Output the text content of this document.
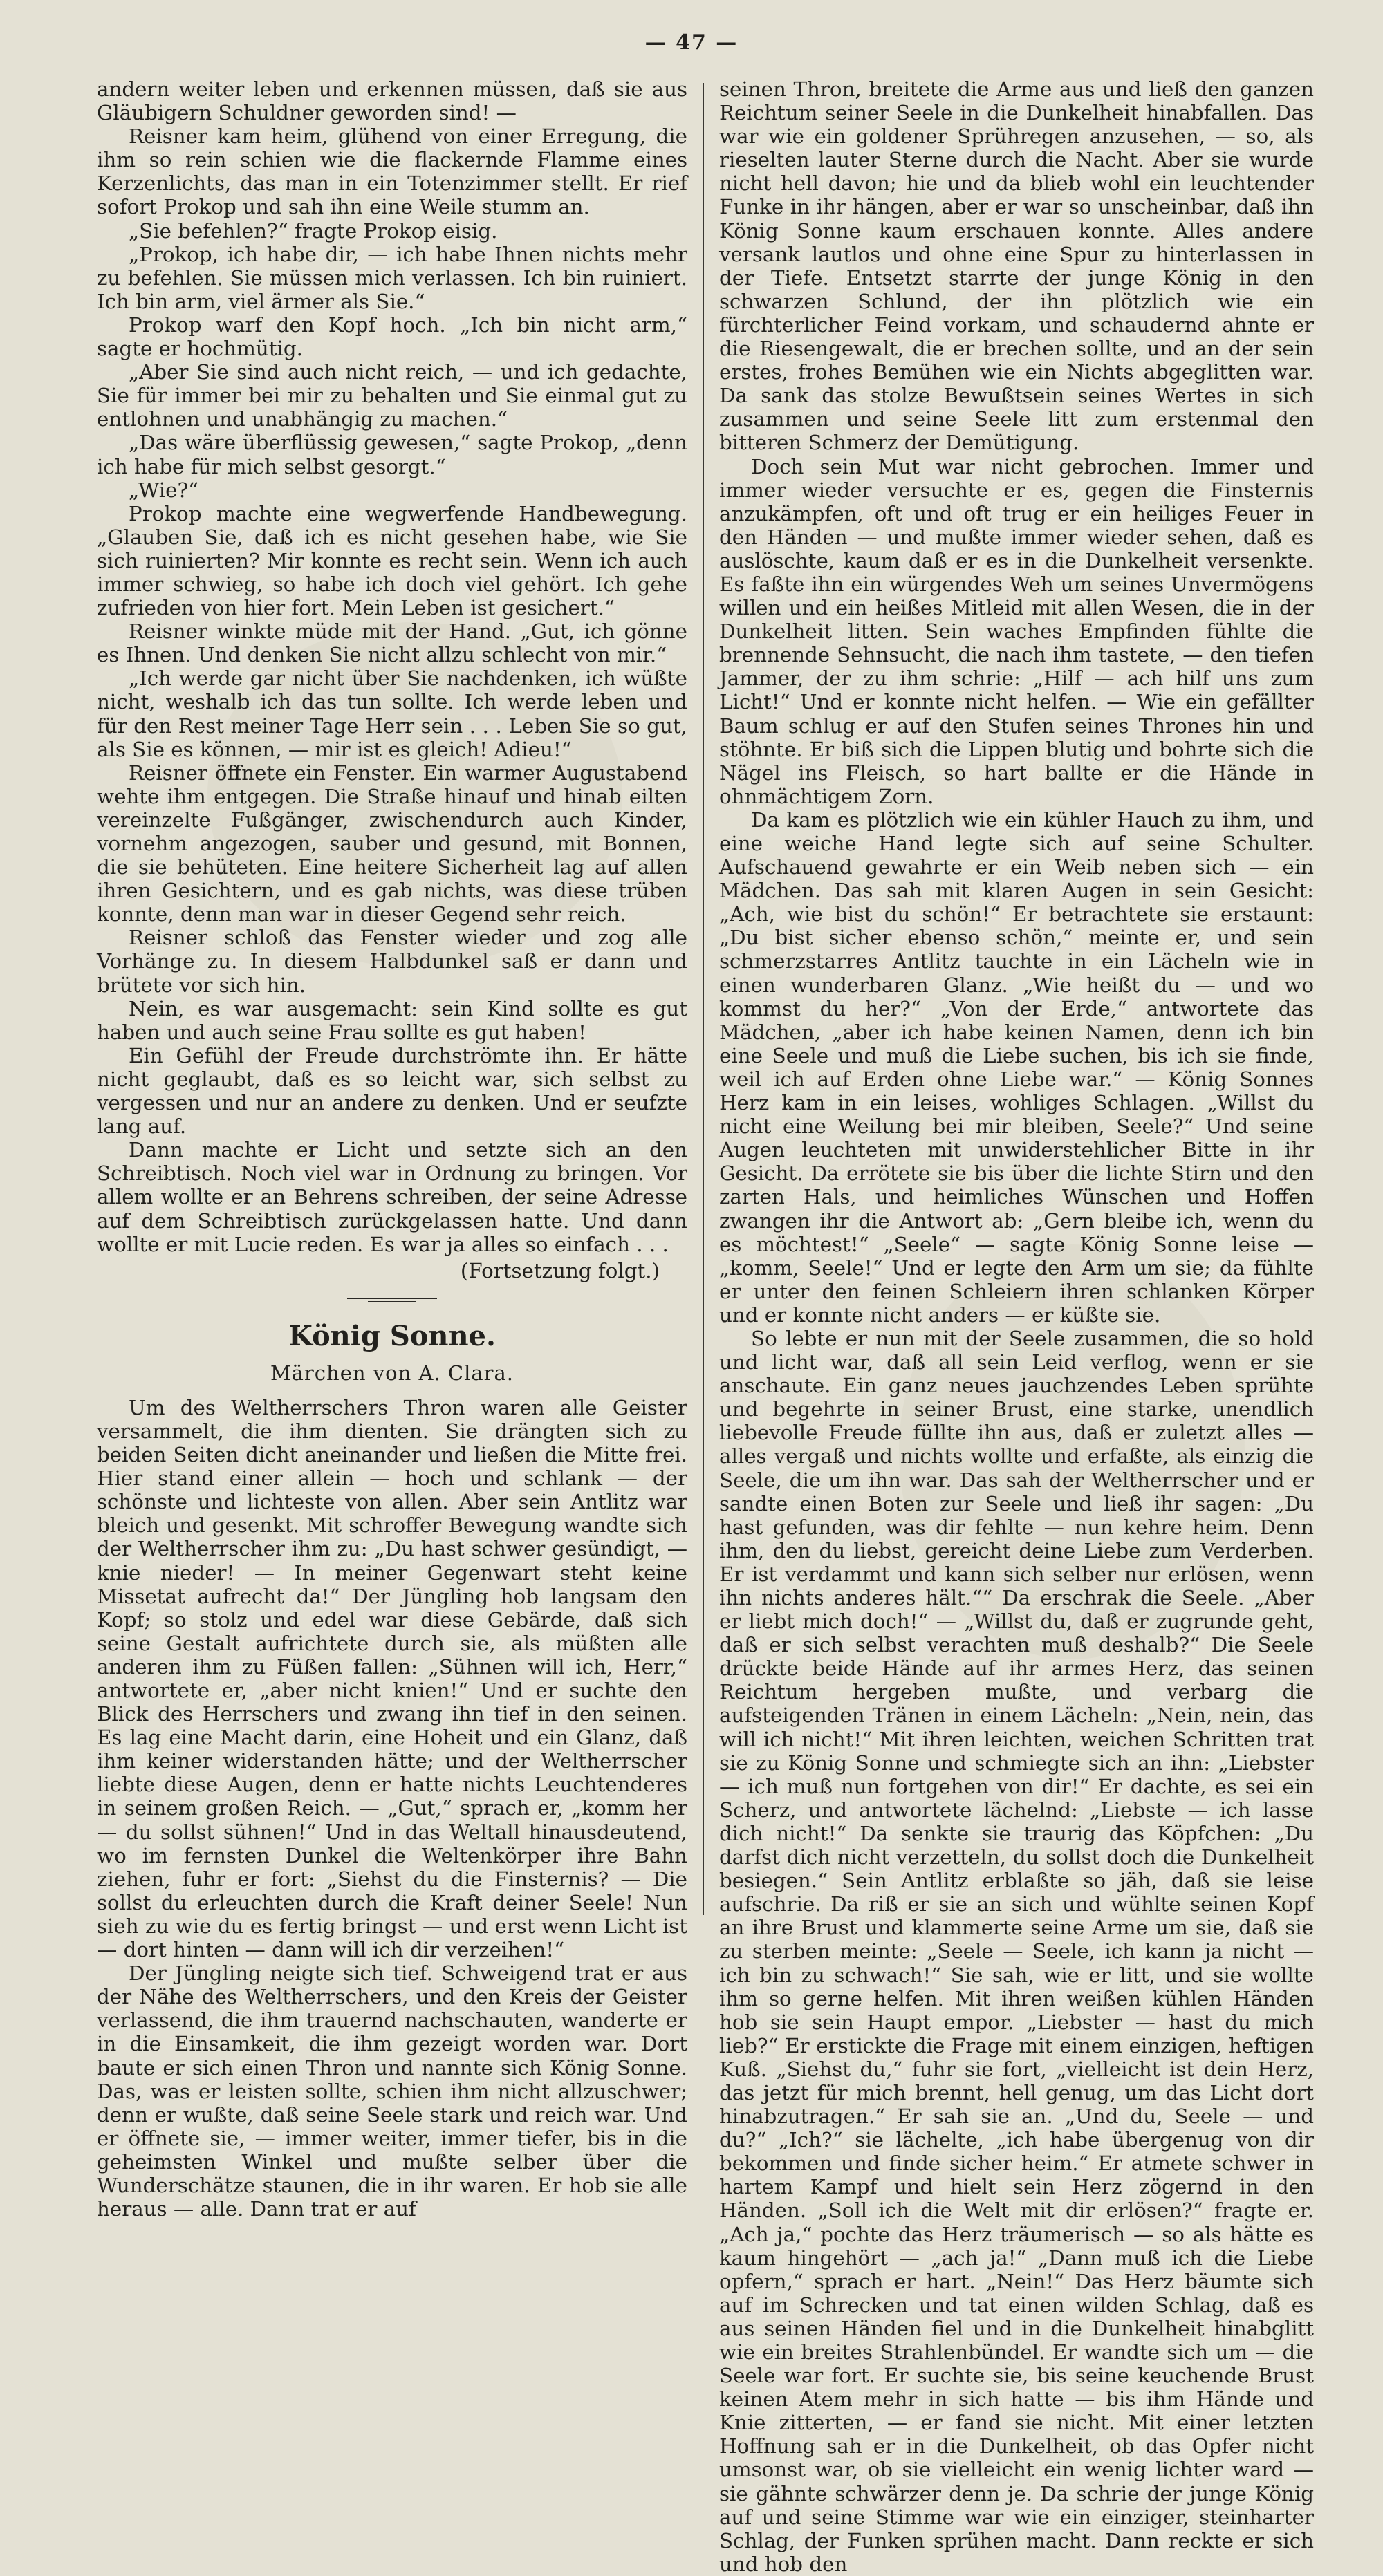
— 47 —

andern weiter leben und erkennen müssen, daß sie aus Gläubigern Schuldner geworden sind! —

Reisner kam heim, glühend von einer Erregung, die ihm so rein schien wie die flackernde Flamme eines Kerzenlichts, das man in ein Totenzimmer stellt. Er rief sofort Prokop und sah ihn eine Weile stumm an.

„Sie befehlen?“ fragte Prokop eisig.

„Prokop, ich habe dir, — ich habe Ihnen nichts mehr zu befehlen. Sie müssen mich verlassen. Ich bin ruiniert. Ich bin arm, viel ärmer als Sie.“

Prokop warf den Kopf hoch. „Ich bin nicht arm,“ sagte er hochmütig.

„Aber Sie sind auch nicht reich, — und ich gedachte, Sie für immer bei mir zu behalten und Sie einmal gut zu entlohnen und unabhängig zu machen.“

„Das wäre überflüssig gewesen,“ sagte Prokop, „denn ich habe für mich selbst gesorgt.“

„Wie?“

Prokop machte eine wegwerfende Handbewegung. „Glauben Sie, daß ich es nicht gesehen habe, wie Sie sich ruinierten? Mir konnte es recht sein. Wenn ich auch immer schwieg, so habe ich doch viel gehört. Ich gehe zufrieden von hier fort. Mein Leben ist gesichert.“

Reisner winkte müde mit der Hand. „Gut, ich gönne es Ihnen. Und denken Sie nicht allzu schlecht von mir.“

„Ich werde gar nicht über Sie nachdenken, ich wüßte nicht, weshalb ich das tun sollte. Ich werde leben und für den Rest meiner Tage Herr sein . . . Leben Sie so gut, als Sie es können, — mir ist es gleich! Adieu!“

Reisner öffnete ein Fenster. Ein warmer Augustabend wehte ihm entgegen. Die Straße hinauf und hinab eilten vereinzelte Fußgänger, zwischendurch auch Kinder, vornehm angezogen, sauber und gesund, mit Bonnen, die sie behüteten. Eine heitere Sicherheit lag auf allen ihren Gesichtern, und es gab nichts, was diese trüben konnte, denn man war in dieser Gegend sehr reich.

Reisner schloß das Fenster wieder und zog alle Vorhänge zu. In diesem Halbdunkel saß er dann und brütete vor sich hin.

Nein, es war ausgemacht: sein Kind sollte es gut haben und auch seine Frau sollte es gut haben!

Ein Gefühl der Freude durchströmte ihn. Er hätte nicht geglaubt, daß es so leicht war, sich selbst zu vergessen und nur an andere zu denken. Und er seufzte lang auf.

Dann machte er Licht und setzte sich an den Schreibtisch. Noch viel war in Ordnung zu bringen. Vor allem wollte er an Behrens schreiben, der seine Adresse auf dem Schreibtisch zurückgelassen hatte. Und dann wollte er mit Lucie reden. Es war ja alles so einfach . . .

(Fortsetzung folgt.)
König Sonne.
Märchen von A. Clara.

Um des Weltherrschers Thron waren alle Geister versammelt, die ihm dienten. Sie drängten sich zu beiden Seiten dicht aneinander und ließen die Mitte frei. Hier stand einer allein — hoch und schlank — der schönste und lichteste von allen. Aber sein Antlitz war bleich und gesenkt. Mit schroffer Bewegung wandte sich der Weltherrscher ihm zu: „Du hast schwer gesündigt, — knie nieder! — In meiner Gegenwart steht keine Missetat aufrecht da!“ Der Jüngling hob langsam den Kopf; so stolz und edel war diese Gebärde, daß sich seine Gestalt aufrichtete durch sie, als müßten alle anderen ihm zu Füßen fallen: „Sühnen will ich, Herr,“ antwortete er, „aber nicht knien!“ Und er suchte den Blick des Herrschers und zwang ihn tief in den seinen. Es lag eine Macht darin, eine Hoheit und ein Glanz, daß ihm keiner widerstanden hätte; und der Weltherrscher liebte diese Augen, denn er hatte nichts Leuchtenderes in seinem großen Reich. — „Gut,“ sprach er, „komm her — du sollst sühnen!“ Und in das Weltall hinausdeutend, wo im fernsten Dunkel die Weltenkörper ihre Bahn ziehen, fuhr er fort: „Siehst du die Finsternis? — Die sollst du erleuchten durch die Kraft deiner Seele! Nun sieh zu wie du es fertig bringst — und erst wenn Licht ist — dort hinten — dann will ich dir verzeihen!“

Der Jüngling neigte sich tief. Schweigend trat er aus der Nähe des Weltherrschers, und den Kreis der Geister verlassend, die ihm trauernd nachschauten, wanderte er in die Einsamkeit, die ihm gezeigt worden war. Dort baute er sich einen Thron und nannte sich König Sonne. Das, was er leisten sollte, schien ihm nicht allzuschwer; denn er wußte, daß seine Seele stark und reich war. Und er öffnete sie, — immer weiter, immer tiefer, bis in die geheimsten Winkel und mußte selber über die Wunderschätze staunen, die in ihr waren. Er hob sie alle heraus — alle. Dann trat er auf

seinen Thron, breitete die Arme aus und ließ den ganzen Reichtum seiner Seele in die Dunkelheit hinabfallen. Das war wie ein goldener Sprühregen anzusehen, — so, als rieselten lauter Sterne durch die Nacht. Aber sie wurde nicht hell davon; hie und da blieb wohl ein leuchtender Funke in ihr hängen, aber er war so unscheinbar, daß ihn König Sonne kaum erschauen konnte. Alles andere versank lautlos und ohne eine Spur zu hinterlassen in der Tiefe. Entsetzt starrte der junge König in den schwarzen Schlund, der ihn plötzlich wie ein fürchterlicher Feind vorkam, und schaudernd ahnte er die Riesengewalt, die er brechen sollte, und an der sein erstes, frohes Bemühen wie ein Nichts abgeglitten war. Da sank das stolze Bewußtsein seines Wertes in sich zusammen und seine Seele litt zum erstenmal den bitteren Schmerz der Demütigung.

Doch sein Mut war nicht gebrochen. Immer und immer wieder versuchte er es, gegen die Finsternis anzukämpfen, oft und oft trug er ein heiliges Feuer in den Händen — und mußte immer wieder sehen, daß es auslöschte, kaum daß er es in die Dunkelheit versenkte. Es faßte ihn ein würgendes Weh um seines Unvermögens willen und ein heißes Mitleid mit allen Wesen, die in der Dunkelheit litten. Sein waches Empfinden fühlte die brennende Sehnsucht, die nach ihm tastete, — den tiefen Jammer, der zu ihm schrie: „Hilf — ach hilf uns zum Licht!“ Und er konnte nicht helfen. — Wie ein gefällter Baum schlug er auf den Stufen seines Thrones hin und stöhnte. Er biß sich die Lippen blutig und bohrte sich die Nägel ins Fleisch, so hart ballte er die Hände in ohnmächtigem Zorn.

Da kam es plötzlich wie ein kühler Hauch zu ihm, und eine weiche Hand legte sich auf seine Schulter. Aufschauend gewahrte er ein Weib neben sich — ein Mädchen. Das sah mit klaren Augen in sein Gesicht: „Ach, wie bist du schön!“ Er betrachtete sie erstaunt: „Du bist sicher ebenso schön,“ meinte er, und sein schmerzstarres Antlitz tauchte in ein Lächeln wie in einen wunderbaren Glanz. „Wie heißt du — und wo kommst du her?“ „Von der Erde,“ antwortete das Mädchen, „aber ich habe keinen Namen, denn ich bin eine Seele und muß die Liebe suchen, bis ich sie finde, weil ich auf Erden ohne Liebe war.“ — König Sonnes Herz kam in ein leises, wohliges Schlagen. „Willst du nicht eine Weilung bei mir bleiben, Seele?“ Und seine Augen leuchteten mit unwiderstehlicher Bitte in ihr Gesicht. Da errötete sie bis über die lichte Stirn und den zarten Hals, und heimliches Wünschen und Hoffen zwangen ihr die Antwort ab: „Gern bleibe ich, wenn du es möchtest!“ „Seele“ — sagte König Sonne leise — „komm, Seele!“ Und er legte den Arm um sie; da fühlte er unter den feinen Schleiern ihren schlanken Körper und er konnte nicht anders — er küßte sie.

So lebte er nun mit der Seele zusammen, die so hold und licht war, daß all sein Leid verflog, wenn er sie anschaute. Ein ganz neues jauchzendes Leben sprühte und begehrte in seiner Brust, eine starke, unendlich liebevolle Freude füllte ihn aus, daß er zuletzt alles — alles vergaß und nichts wollte und erfaßte, als einzig die Seele, die um ihn war. Das sah der Weltherrscher und er sandte einen Boten zur Seele und ließ ihr sagen: „Du hast gefunden, was dir fehlte — nun kehre heim. Denn ihm, den du liebst, gereicht deine Liebe zum Verderben. Er ist verdammt und kann sich selber nur erlösen, wenn ihn nichts anderes hält.““ Da erschrak die Seele. „Aber er liebt mich doch!“ — „Willst du, daß er zugrunde geht, daß er sich selbst verachten muß deshalb?“ Die Seele drückte beide Hände auf ihr armes Herz, das seinen Reichtum hergeben mußte, und verbarg die aufsteigenden Tränen in einem Lächeln: „Nein, nein, das will ich nicht!“ Mit ihren leichten, weichen Schritten trat sie zu König Sonne und schmiegte sich an ihn: „Liebster — ich muß nun fortgehen von dir!“ Er dachte, es sei ein Scherz, und antwortete lächelnd: „Liebste — ich lasse dich nicht!“ Da senkte sie traurig das Köpfchen: „Du darfst dich nicht verzetteln, du sollst doch die Dunkelheit besiegen.“ Sein Antlitz erblaßte so jäh, daß sie leise aufschrie. Da riß er sie an sich und wühlte seinen Kopf an ihre Brust und klammerte seine Arme um sie, daß sie zu sterben meinte: „Seele — Seele, ich kann ja nicht — ich bin zu schwach!“ Sie sah, wie er litt, und sie wollte ihm so gerne helfen. Mit ihren weißen kühlen Händen hob sie sein Haupt empor. „Liebster — hast du mich lieb?“ Er erstickte die Frage mit einem einzigen, heftigen Kuß. „Siehst du,“ fuhr sie fort, „vielleicht ist dein Herz, das jetzt für mich brennt, hell genug, um das Licht dort hinabzutragen.“ Er sah sie an. „Und du, Seele — und du?“ „Ich?“ sie lächelte, „ich habe übergenug von dir bekommen und finde sicher heim.“ Er atmete schwer in hartem Kampf und hielt sein Herz zögernd in den Händen. „Soll ich die Welt mit dir erlösen?“ fragte er. „Ach ja,“ pochte das Herz träumerisch — so als hätte es kaum hingehört — „ach ja!“ „Dann muß ich die Liebe opfern,“ sprach er hart. „Nein!“ Das Herz bäumte sich auf im Schrecken und tat einen wilden Schlag, daß es aus seinen Händen fiel und in die Dunkelheit hinabglitt wie ein breites Strahlenbündel. Er wandte sich um — die Seele war fort. Er suchte sie, bis seine keuchende Brust keinen Atem mehr in sich hatte — bis ihm Hände und Knie zitterten, — er fand sie nicht. Mit einer letzten Hoffnung sah er in die Dunkelheit, ob das Opfer nicht umsonst war, ob sie vielleicht ein wenig lichter ward — sie gähnte schwärzer denn je. Da schrie der junge König auf und seine Stimme war wie ein einziger, steinharter Schlag, der Funken sprühen macht. Dann reckte er sich und hob den
